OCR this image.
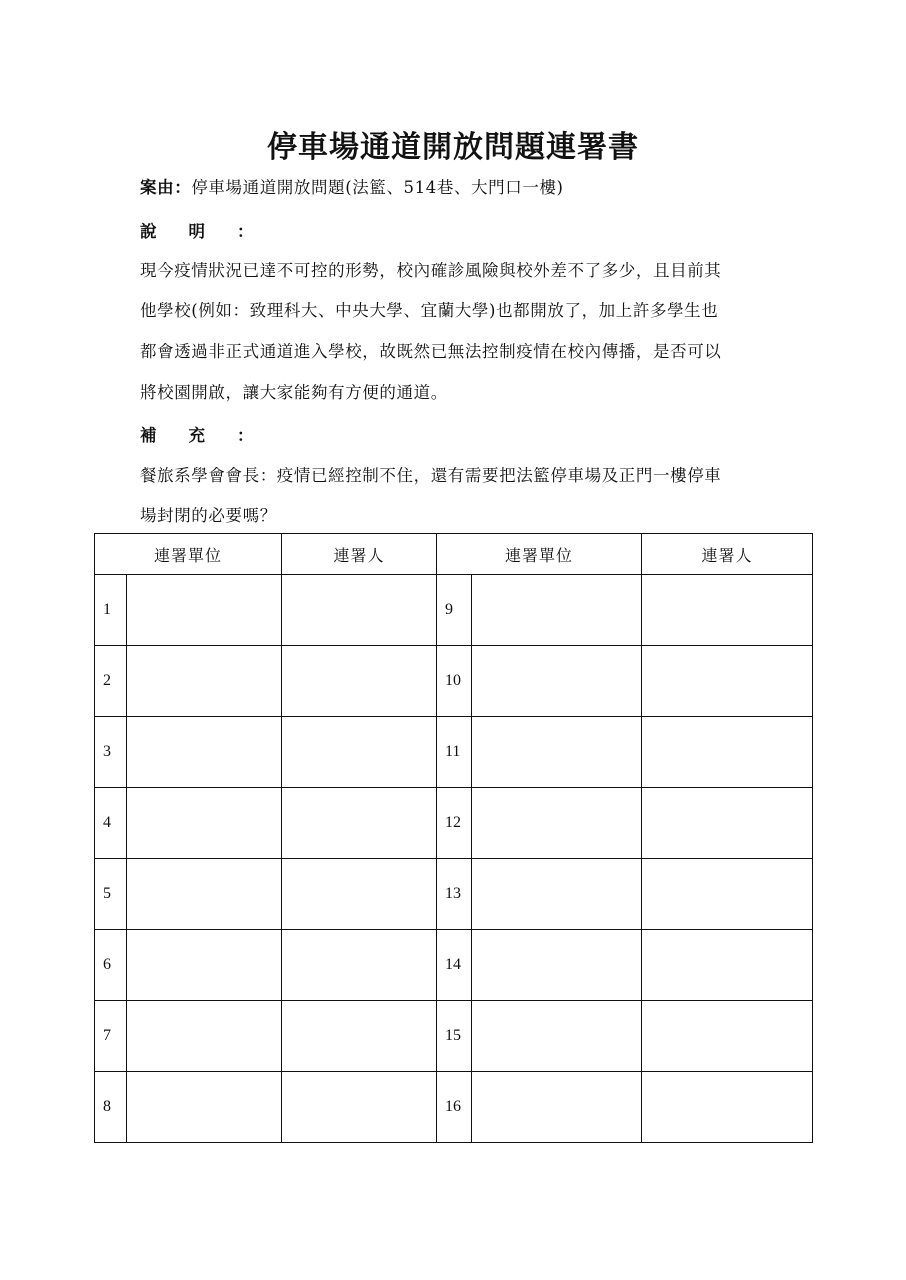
停車場通道開放問題連署書
案由：停車場通道開放問題(法籃、514巷、大門口一樓)
說明：
現今疫情狀況已達不可控的形勢，校內確診風險與校外差不了多少，且目前其
他學校(例如：致理科大、中央大學、宜蘭大學)也都開放了，加上許多學生也
都會透過非正式通道進入學校，故既然已無法控制疫情在校內傳播，是否可以
將校園開啟，讓大家能夠有方便的通道。
補充：
餐旅系學會會長：疫情已經控制不住，還有需要把法籃停車場及正門一樓停車
場封閉的必要嗎？
連署單位		連署人	連署單位		連署人
1			9		
2			10		
3			11		
4			12		
5			13		
6			14		
7			15		
8			16		
